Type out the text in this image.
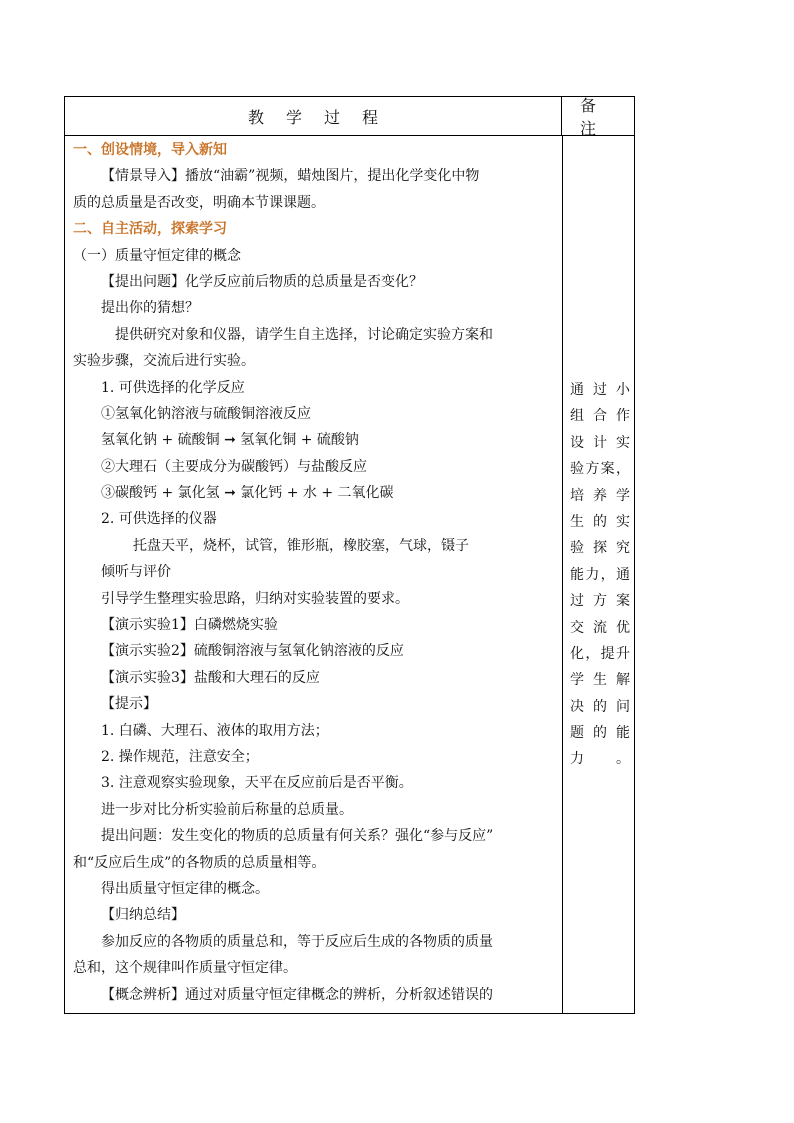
教学过程
备注
一、创设情境，导入新知
【情景导入】播放“油霸”视频，蜡烛图片，提出化学变化中物
质的总质量是否改变，明确本节课课题。
二、自主活动，探索学习
（一）质量守恒定律的概念
【提出问题】化学反应前后物质的总质量是否变化？
提出你的猜想？
提供研究对象和仪器，请学生自主选择，讨论确定实验方案和
实验步骤，交流后进行实验。
1. 可供选择的化学反应
①氢氧化钠溶液与硫酸铜溶液反应
氢氧化钠 + 硫酸铜 ➞ 氢氧化铜 + 硫酸钠
②大理石（主要成分为碳酸钙）与盐酸反应
③碳酸钙 + 氯化氢 ➞ 氯化钙 + 水 + 二氧化碳
2. 可供选择的仪器
托盘天平，烧杯，试管，锥形瓶，橡胶塞，气球，镊子
倾听与评价
引导学生整理实验思路，归纳对实验装置的要求。
【演示实验1】白磷燃烧实验
【演示实验2】硫酸铜溶液与氢氧化钠溶液的反应
【演示实验3】盐酸和大理石的反应
【提示】
1. 白磷、大理石、液体的取用方法；
2. 操作规范，注意安全；
3. 注意观察实验现象，天平在反应前后是否平衡。
进一步对比分析实验前后称量的总质量。
提出问题：发生变化的物质的总质量有何关系？强化“参与反应”
和“反应后生成”的各物质的总质量相等。
得出质量守恒定律的概念。
【归纳总结】
参加反应的各物质的质量总和，等于反应后生成的各物质的质量
总和，这个规律叫作质量守恒定律。
【概念辨析】通过对质量守恒定律概念的辨析，分析叙述错误的
通过小
组合作
设计实
验方案，
培养学
生的实
验探究
能力，通
过方案
交流优
化，提升
学生解
决的问
题的能
力。
